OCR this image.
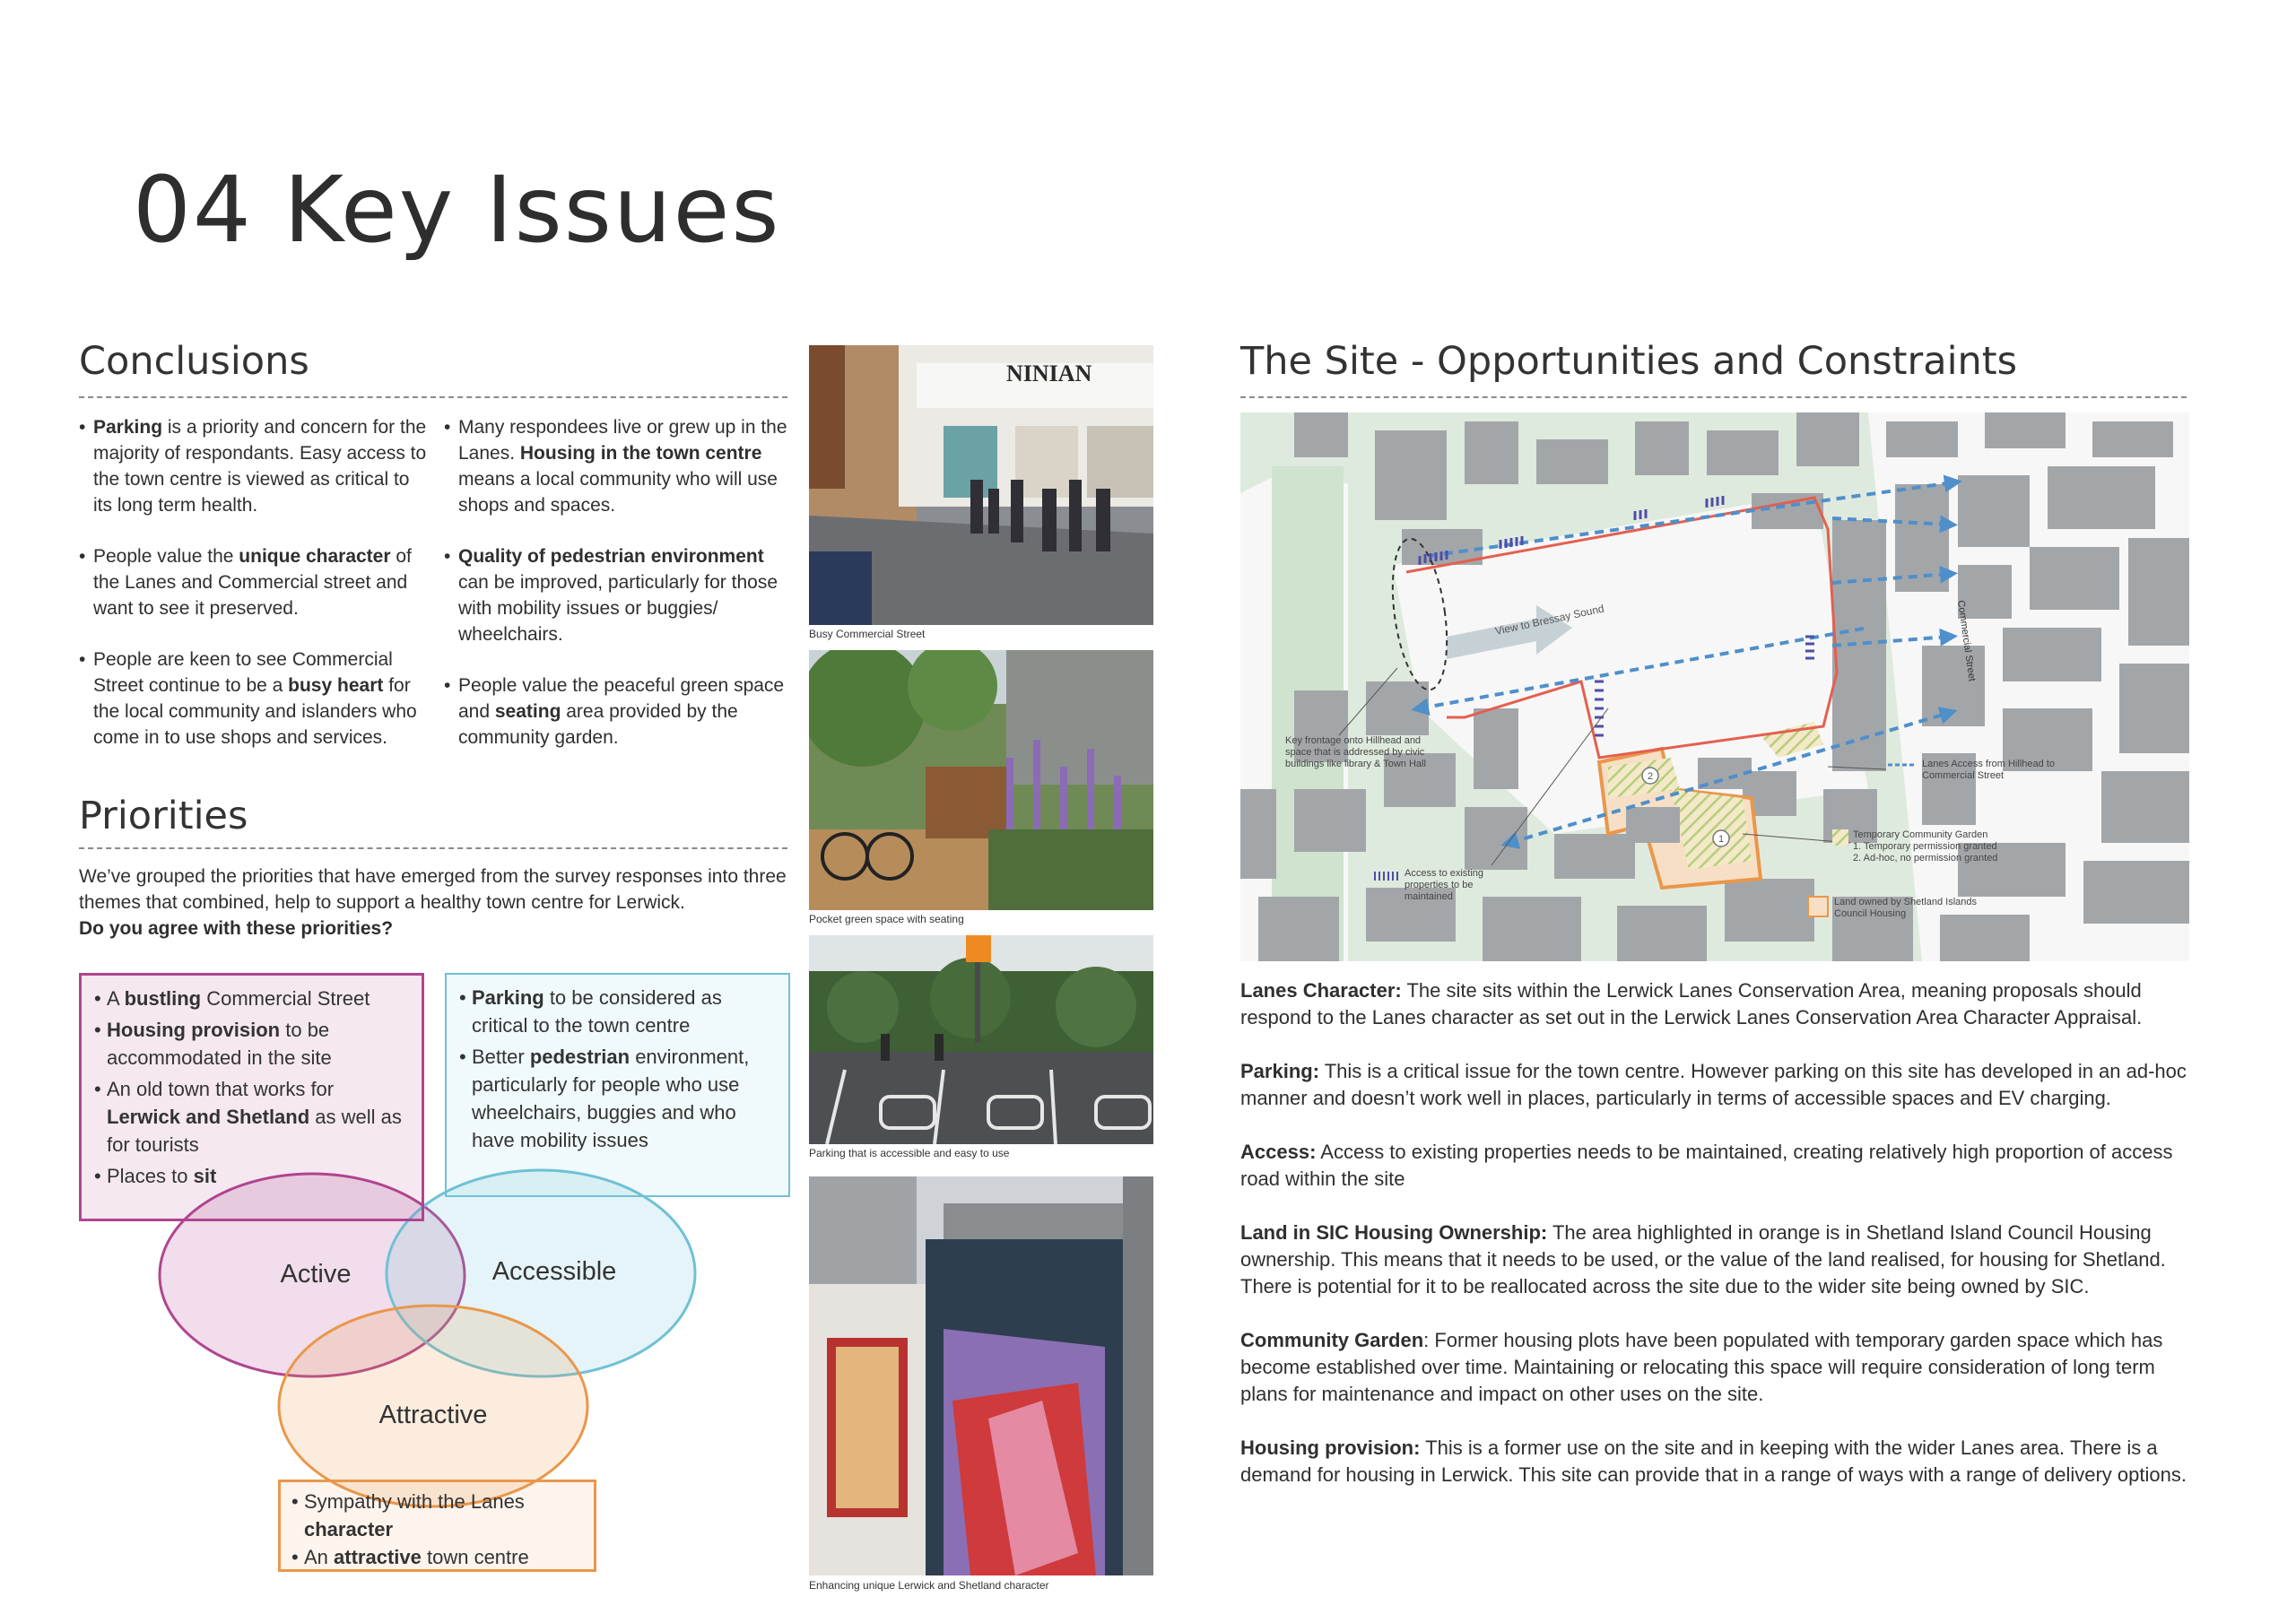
04 Key Issues
Conclusions
• Parking is a priority and concern for the majority of respondants. Easy access to the town centre is viewed as critical to its long term health.
• People value the unique character of the Lanes and Commercial street and want to see it preserved.
• People are keen to see Commercial Street continue to be a busy heart for the local community and islanders who come in to use shops and services.
• Many respondees live or grew up in the Lanes. Housing in the town centre means a local community who will use shops and spaces.
• Quality of pedestrian environment can be improved, particularly for those with mobility issues or buggies/ wheelchairs.
• People value the peaceful green space and seating area provided by the community garden.
Priorities
We’ve grouped the priorities that have emerged from the survey responses into three themes that combined, help to support a healthy town centre for Lerwick.
Do you agree with these priorities?
Active	Accessible
Attractive
• A bustling Commercial Street
• Housing provision to be accommodated in the site
• An old town that works for Lerwick and Shetland as well as for tourists
• Places to sit
• Parking to be considered as critical to the town centre
• Better pedestrian environment, particularly for people who use wheelchairs, buggies and who have mobility issues
• Sympathy with the Lanes character
• An attractive town centre
NINIAN
Busy Commercial Street
Pocket green space with seating
Parking that is accessible and easy to use
Enhancing unique Lerwick and Shetland character
The Site - Opportunities and Constraints
View to Bressay Sound
2
1
Commercial Street
Key frontage onto Hillhead and space that is addressed by civic buildings like library & Town Hall
Access to existing properties to be maintained
Lanes Access from Hillhead to Commercial Street
Temporary Community Garden
1. Temporary permission granted
2. Ad-hoc, no permission granted
Land owned by Shetland Islands Council Housing

Lanes Character: The site sits within the Lerwick Lanes Conservation Area, meaning proposals should respond to the Lanes character as set out in the Lerwick Lanes Conservation Area Character Appraisal.

Parking: This is a critical issue for the town centre. However parking on this site has developed in an ad-hoc manner and doesn’t work well in places, particularly in terms of accessible spaces and EV charging.

Access: Access to existing properties needs to be maintained, creating relatively high proportion of access road within the site

Land in SIC Housing Ownership: The area highlighted in orange is in Shetland Island Council Housing ownership. This means that it needs to be used, or the value of the land realised, for housing for Shetland. There is potential for it to be reallocated across the site due to the wider site being owned by SIC.

Community Garden: Former housing plots have been populated with temporary garden space which has become established over time. Maintaining or relocating this space will require consideration of long term plans for maintenance and impact on other uses on the site.

Housing provision: This is a former use on the site and in keeping with the wider Lanes area. There is a demand for housing in Lerwick. This site can provide that in a range of ways with a range of delivery options.
